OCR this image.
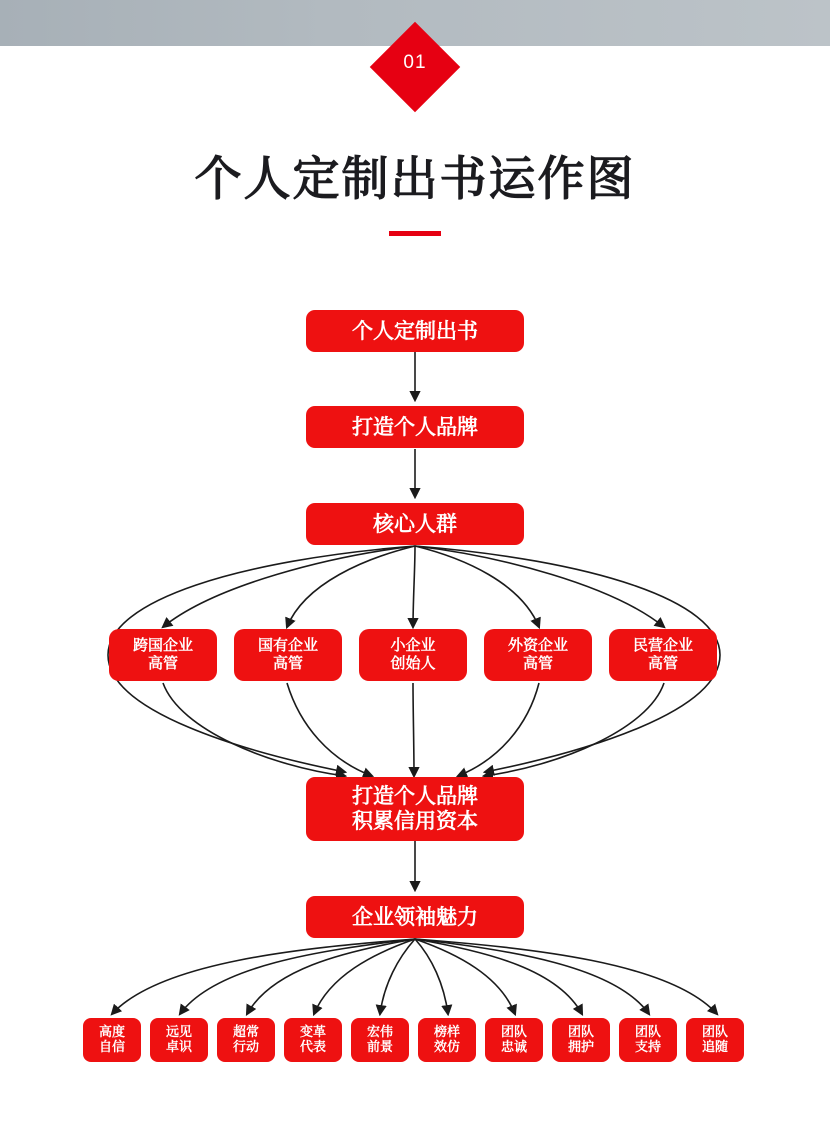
01
个人定制出书运作图
个人定制出书
打造个人品牌
核心人群
跨国企业
高管
国有企业
高管
小企业
创始人
外资企业
高管
民营企业
高管
打造个人品牌
积累信用资本
企业领袖魅力
高度
自信
远见
卓识
超常
行动
变革
代表
宏伟
前景
榜样
效仿
团队
忠诚
团队
拥护
团队
支持
团队
追随
